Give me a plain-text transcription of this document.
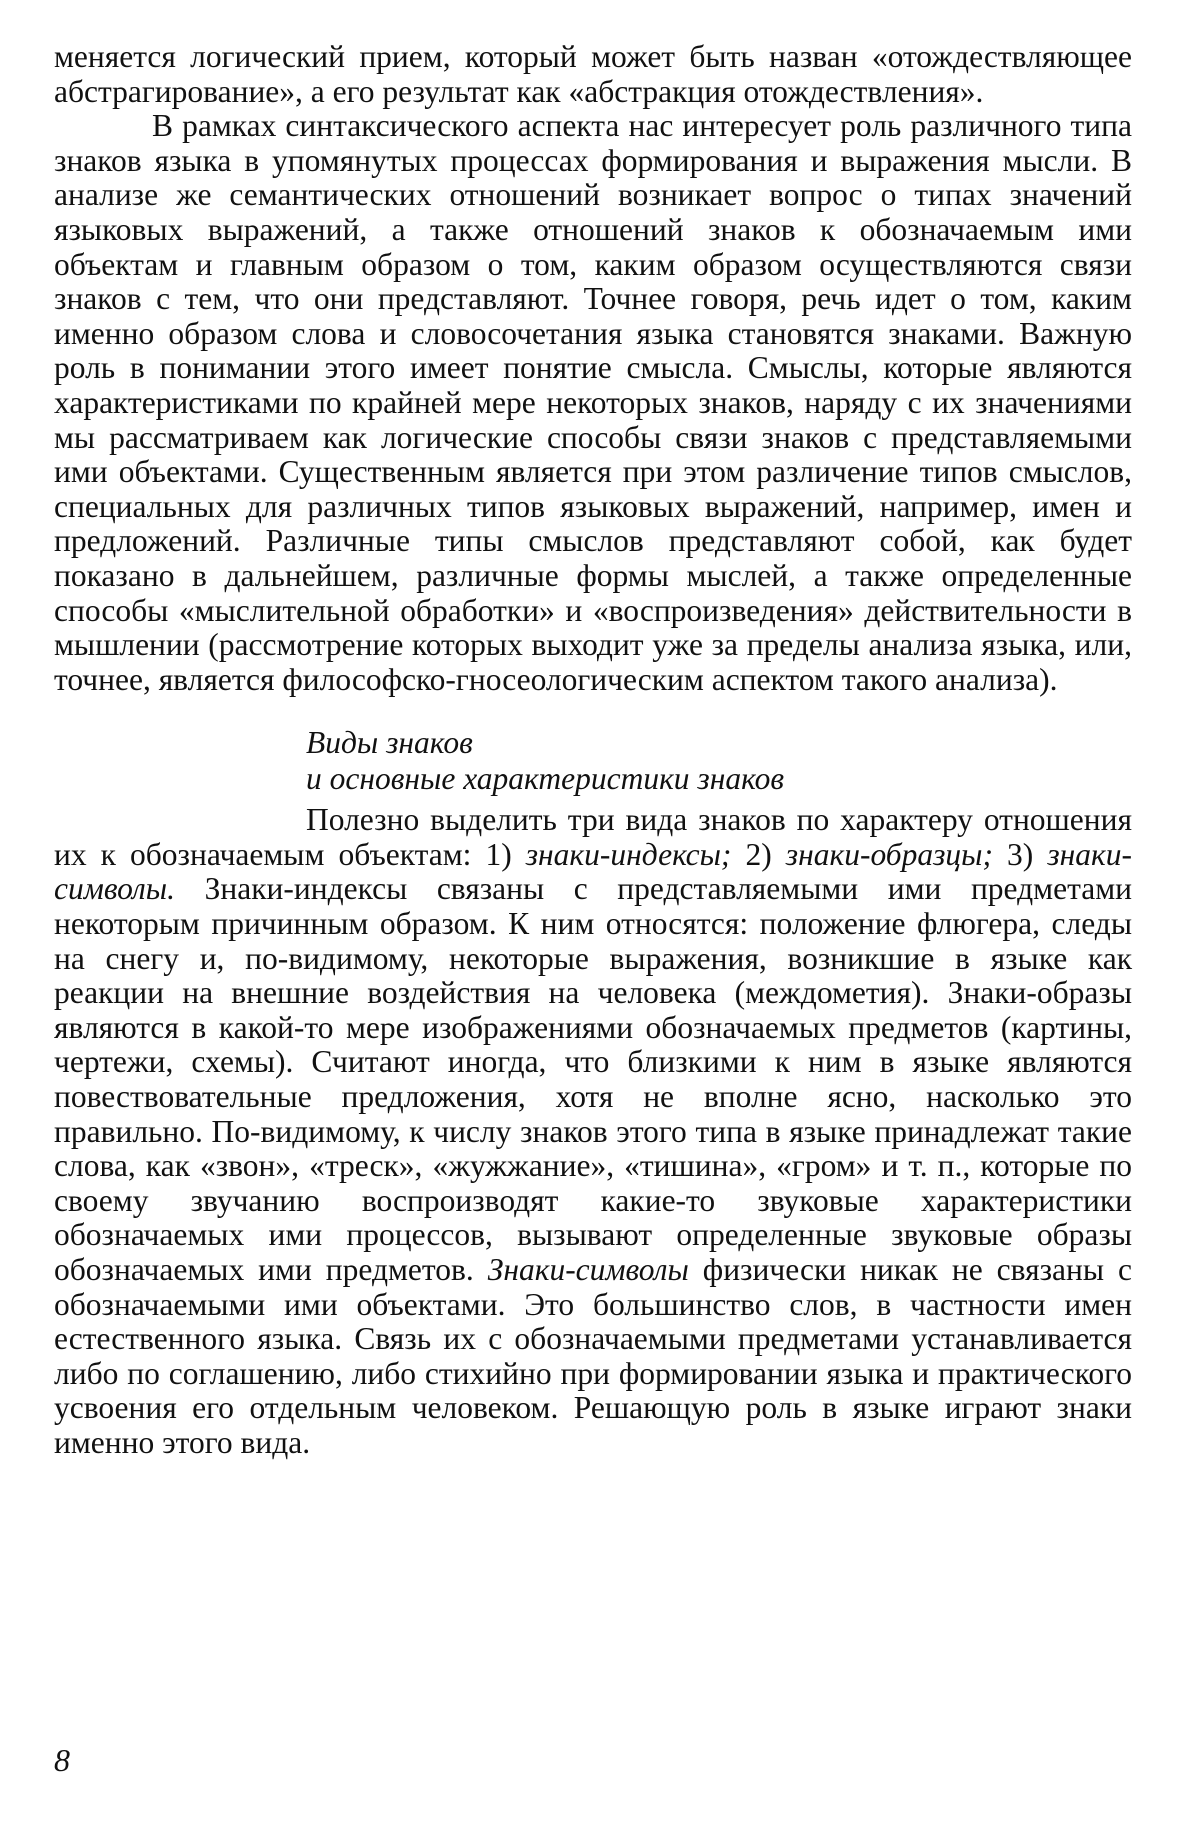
меняется логический прием, который может быть назван «отождествляющее абстрагирование», а его результат как «абстракция отождествления».

В рамках синтаксического аспекта нас интересует роль различного типа знаков языка в упомянутых процессах формирования и выражения мысли. В анализе же семантических отношений возникает вопрос о типах значений языковых выражений, а также отношений знаков к обозначаемым ими объектам и главным образом о том, каким образом осуществляются связи знаков с тем, что они представляют. Точнее говоря, речь идет о том, каким именно образом слова и словосочетания языка становятся знаками. Важную роль в понимании этого имеет понятие смысла. Смыслы, которые являются характеристиками по крайней мере некоторых знаков, наряду с их значениями мы рассматриваем как логические способы связи знаков с представляемыми ими объектами. Существенным является при этом различение типов смыслов, специальных для различных типов языковых выражений, например, имен и предложений. Различные типы смыслов представляют собой, как будет показано в дальнейшем, различные формы мыслей, а также определенные способы «мыслительной обработки» и «воспроизведения» действительности в мышлении (рассмотрение которых выходит уже за пределы анализа языка, или, точнее, является философско-гносеологическим аспектом такого анализа).

Виды знаков
и основные характеристики знаков

Полезно выделить три вида знаков по характеру отношения их к обозначаемым объектам: 1) знаки-индексы; 2) знаки-образцы; 3) знаки-символы. Знаки-индексы связаны с представляемыми ими предметами некоторым причинным образом. К ним относятся: положение флюгера, следы на снегу и, по-видимому, некоторые выражения, возникшие в языке как реакции на внешние воздействия на человека (междометия). Знаки-образы являются в какой-то мере изображениями обозначаемых предметов (картины, чертежи, схемы). Считают иногда, что близкими к ним в языке являются повествовательные предложения, хотя не вполне ясно, насколько это правильно. По-видимому, к числу знаков этого типа в языке принадлежат такие слова, как «звон», «треск», «жужжание», «тишина», «гром» и т. п., которые по своему звучанию воспроизводят какие-то звуковые характеристики обозначаемых ими процессов, вызывают определенные звуковые образы обозначаемых ими предметов. Знаки-символы физически никак не связаны с обозначаемыми ими объектами. Это большинство слов, в частности имен естественного языка. Связь их с обозначаемыми предметами устанавливается либо по соглашению, либо стихийно при формировании языка и практического усвоения его отдельным человеком. Решающую роль в языке играют знаки именно этого вида.

8
